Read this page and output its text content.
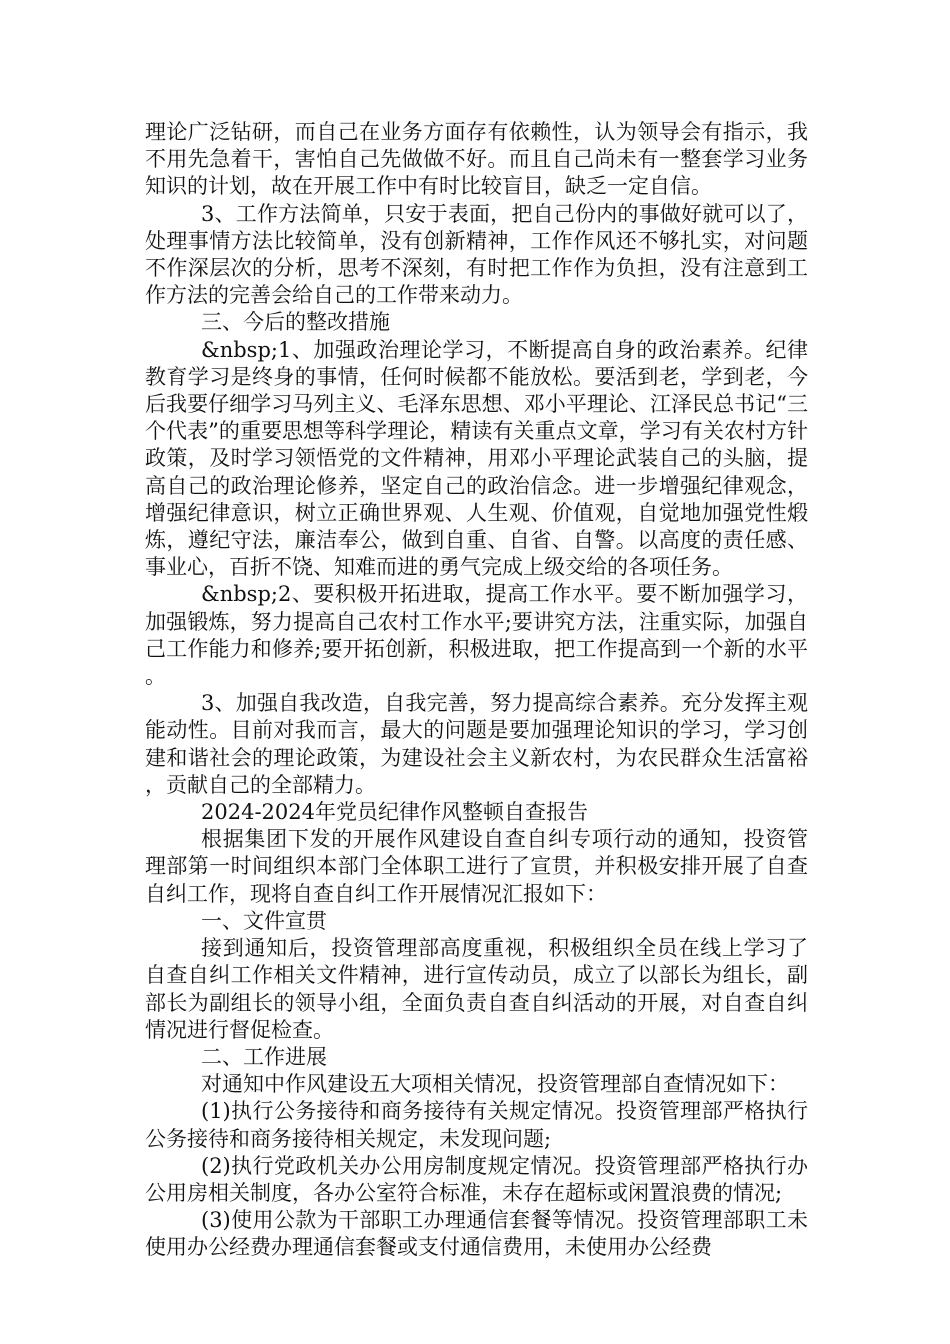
理论广泛钻研，而自己在业务方面存有依赖性，认为领导会有指示，我不用先急着干，害怕自己先做做不好。而且自己尚未有一整套学习业务知识的计划，故在开展工作中有时比较盲目，缺乏一定自信。

3、工作方法简单，只安于表面，把自己份内的事做好就可以了，处理事情方法比较简单，没有创新精神，工作作风还不够扎实，对问题不作深层次的分析，思考不深刻，有时把工作作为负担，没有注意到工作方法的完善会给自己的工作带来动力。

三、今后的整改措施

&nbsp;1、加强政治理论学习，不断提高自身的政治素养。纪律教育学习是终身的事情，任何时候都不能放松。要活到老，学到老，今后我要仔细学习马列主义、毛泽东思想、邓小平理论、江泽民总书记“三个代表”的重要思想等科学理论，精读有关重点文章，学习有关农村方针政策，及时学习领悟党的文件精神，用邓小平理论武装自己的头脑，提高自己的政治理论修养，坚定自己的政治信念。进一步增强纪律观念，增强纪律意识，树立正确世界观、人生观、价值观，自觉地加强党性煅炼，遵纪守法，廉洁奉公，做到自重、自省、自警。以高度的责任感、事业心，百折不饶、知难而进的勇气完成上级交给的各项任务。

&nbsp;2、要积极开拓进取，提高工作水平。要不断加强学习，加强锻炼，努力提高自己农村工作水平;要讲究方法，注重实际，加强自己工作能力和修养;要开拓创新，积极进取，把工作提高到一个新的水平。

3、加强自我改造，自我完善，努力提高综合素养。充分发挥主观能动性。目前对我而言，最大的问题是要加强理论知识的学习，学习创建和谐社会的理论政策，为建设社会主义新农村，为农民群众生活富裕，贡献自己的全部精力。

2024-2024年党员纪律作风整顿自查报告

根据集团下发的开展作风建设自查自纠专项行动的通知，投资管理部第一时间组织本部门全体职工进行了宣贯，并积极安排开展了自查自纠工作，现将自查自纠工作开展情况汇报如下：

一、文件宣贯

接到通知后，投资管理部高度重视，积极组织全员在线上学习了自查自纠工作相关文件精神，进行宣传动员，成立了以部长为组长，副部长为副组长的领导小组，全面负责自查自纠活动的开展，对自查自纠情况进行督促检查。

二、工作进展

对通知中作风建设五大项相关情况，投资管理部自查情况如下：

(1)执行公务接待和商务接待有关规定情况。投资管理部严格执行公务接待和商务接待相关规定，未发现问题;

(2)执行党政机关办公用房制度规定情况。投资管理部严格执行办公用房相关制度，各办公室符合标准，未存在超标或闲置浪费的情况;

(3)使用公款为干部职工办理通信套餐等情况。投资管理部职工未使用办公经费办理通信套餐或支付通信费用，未使用办公经费
